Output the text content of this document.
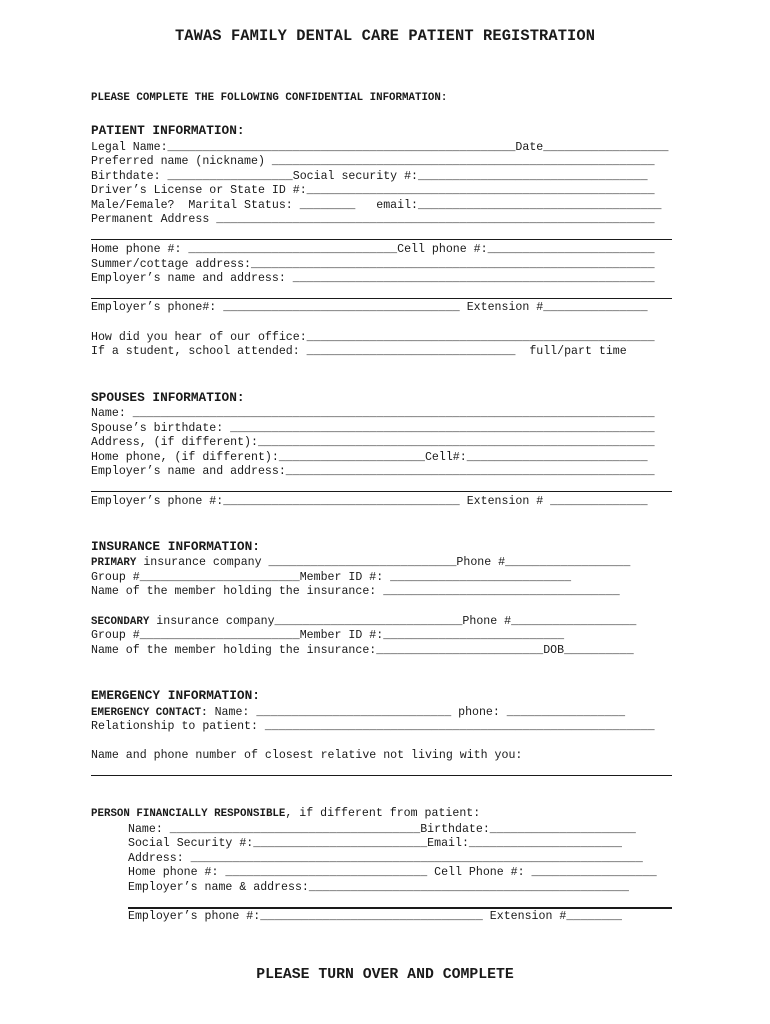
TAWAS FAMILY DENTAL CARE PATIENT REGISTRATION
PLEASE COMPLETE THE FOLLOWING CONFIDENTIAL INFORMATION:
PATIENT INFORMATION:
Legal Name:__________________________________________________Date__________________
Preferred name (nickname) _______________________________________________________
Birthdate: __________________Social security #:_________________________________
Driver’s License or State ID #:__________________________________________________
Male/Female?  Marital Status: ________   email:___________________________________
Permanent Address _______________________________________________________________
Home phone #: ______________________________Cell phone #:________________________
Summer/cottage address:__________________________________________________________
Employer’s name and address: ____________________________________________________
Employer’s phone#: __________________________________ Extension #_______________
How did you hear of our office:__________________________________________________
If a student, school attended: ______________________________  full/part time
SPOUSES INFORMATION:
Name: ___________________________________________________________________________
Spouse’s birthdate: _____________________________________________________________
Address, (if different):_________________________________________________________
Home phone, (if different):_____________________Cell#:__________________________
Employer’s name and address:_____________________________________________________
Employer’s phone #:__________________________________ Extension # ______________
INSURANCE INFORMATION:
PRIMARY insurance company ___________________________Phone #__________________
Group #_______________________Member ID #: __________________________
Name of the member holding the insurance: __________________________________
SECONDARY insurance company___________________________Phone #__________________
Group #_______________________Member ID #:__________________________
Name of the member holding the insurance:________________________DOB__________
EMERGENCY INFORMATION:
EMERGENCY CONTACT: Name: ____________________________ phone: _________________
Relationship to patient: ________________________________________________________
Name and phone number of closest relative not living with you:
PERSON FINANCIALLY RESPONSIBLE, if different from patient:
Name: ____________________________________Birthdate:_____________________
Social Security #:_________________________Email:______________________
Address: _________________________________________________________________
Home phone #: _____________________________ Cell Phone #: __________________
Employer’s name & address:______________________________________________
Employer’s phone #:________________________________ Extension #________
PLEASE TURN OVER AND COMPLETE
